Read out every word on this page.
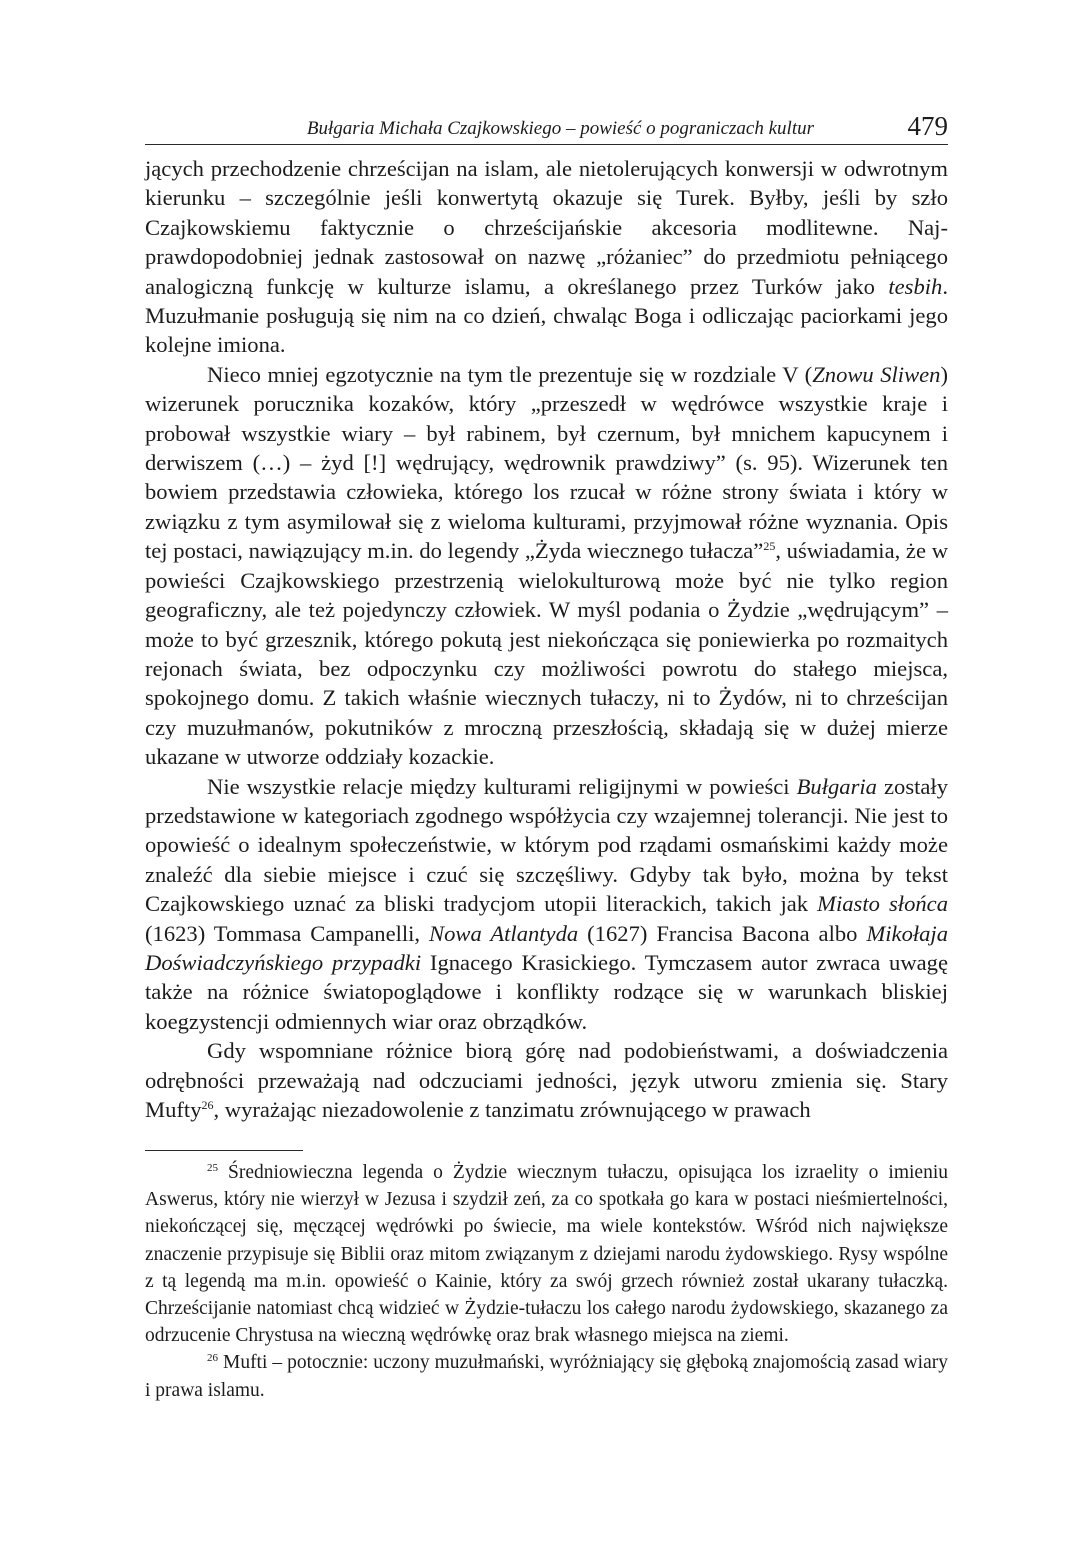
Bułgaria Michała Czajkowskiego – powieść o pograniczach kultur	479

jących przechodzenie chrześcijan na islam, ale nietolerujących konwersji w odwrotnym kierunku – szczególnie jeśli konwertytą okazuje się Turek. Byłby, jeśli by szło Czajkowskiemu faktycznie o chrześcijańskie akcesoria modlitewne. Najprawdopodobniej jednak zastosował on nazwę „różaniec” do przedmiotu pełniącego analogiczną funkcję w kulturze islamu, a określanego przez Turków jako tesbih. Muzułmanie posługują się nim na co dzień, chwaląc Boga i odliczając paciorkami jego kolejne imiona.

Nieco mniej egzotycznie na tym tle prezentuje się w rozdziale V (Znowu Sliwen) wizerunek porucznika kozaków, który „przeszedł w wędrówce wszystkie kraje i probował wszystkie wiary – był rabinem, był czernum, był mnichem kapucynem i derwiszem (…) – żyd [!] wędrujący, wędrownik prawdziwy” (s. 95). Wizerunek ten bowiem przedstawia człowieka, którego los rzucał w różne strony świata i który w związku z tym asymilował się z wieloma kulturami, przyjmował różne wyznania. Opis tej postaci, nawiązujący m.in. do legendy „Żyda wiecznego tułacza”$^{25}$, uświadamia, że w powieści Czajkowskiego przestrzenią wielokulturową może być nie tylko region geograficzny, ale też pojedynczy człowiek. W myśl podania o Żydzie „wędrującym” – może to być grzesznik, którego pokutą jest niekończąca się poniewierka po rozmaitych rejonach świata, bez odpoczynku czy możliwości powrotu do stałego miejsca, spokojnego domu. Z takich właśnie wiecznych tułaczy, ni to Żydów, ni to chrześcijan czy muzułmanów, pokutników z mroczną przeszłością, składają się w dużej mierze ukazane w utworze oddziały kozackie.

Nie wszystkie relacje między kulturami religijnymi w powieści Bułgaria zostały przedstawione w kategoriach zgodnego współżycia czy wzajemnej tolerancji. Nie jest to opowieść o idealnym społeczeństwie, w którym pod rządami osmańskimi każdy może znaleźć dla siebie miejsce i czuć się szczęśliwy. Gdyby tak było, można by tekst Czajkowskiego uznać za bliski tradycjom utopii literackich, takich jak Miasto słońca (1623) Tommasa Campanelli, Nowa Atlantyda (1627) Francisa Bacona albo Mikołaja Doświadczyńskiego przypadki Ignacego Krasickiego. Tymczasem autor zwraca uwagę także na różnice światopoglądowe i konflikty rodzące się w warunkach bliskiej koegzystencji odmiennych wiar oraz obrządków.

Gdy wspomniane różnice biorą górę nad podobieństwami, a doświadczenia odrębności przeważają nad odczuciami jedności, język utworu zmienia się. Stary Mufty$^{26}$, wyrażając niezadowolenie z tanzimatu zrównującego w prawach

$^{25}$ Średniowieczna legenda o Żydzie wiecznym tułaczu, opisująca los izraelity o imieniu Aswerus, który nie wierzył w Jezusa i szydził zeń, za co spotkała go kara w postaci nieśmiertelności, niekończącej się, męczącej wędrówki po świecie, ma wiele kontekstów. Wśród nich największe znaczenie przypisuje się Biblii oraz mitom związanym z dziejami narodu żydowskiego. Rysy wspólne z tą legendą ma m.in. opowieść o Kainie, który za swój grzech również został ukarany tułaczką. Chrześcijanie natomiast chcą widzieć w Żydzie-tułaczu los całego narodu żydowskiego, skazanego za odrzucenie Chrystusa na wieczną wędrówkę oraz brak własnego miejsca na ziemi.

$^{26}$ Mufti – potocznie: uczony muzułmański, wyróżniający się głęboką znajomością zasad wiary i prawa islamu.
